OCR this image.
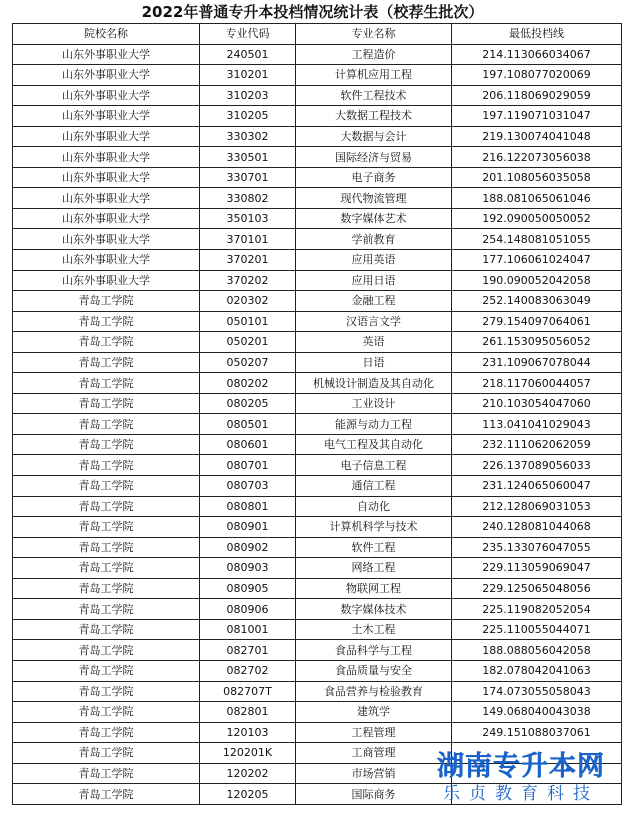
2022年普通专升本投档情况统计表（校荐生批次）
院校名称	专业代码	专业名称	最低投档线
山东外事职业大学	240501	工程造价	214.113066034067
山东外事职业大学	310201	计算机应用工程	197.108077020069
山东外事职业大学	310203	软件工程技术	206.118069029059
山东外事职业大学	310205	大数据工程技术	197.119071031047
山东外事职业大学	330302	大数据与会计	219.130074041048
山东外事职业大学	330501	国际经济与贸易	216.122073056038
山东外事职业大学	330701	电子商务	201.108056035058
山东外事职业大学	330802	现代物流管理	188.081065061046
山东外事职业大学	350103	数字媒体艺术	192.090050050052
山东外事职业大学	370101	学前教育	254.148081051055
山东外事职业大学	370201	应用英语	177.106061024047
山东外事职业大学	370202	应用日语	190.090052042058
青岛工学院	020302	金融工程	252.140083063049
青岛工学院	050101	汉语言文学	279.154097064061
青岛工学院	050201	英语	261.153095056052
青岛工学院	050207	日语	231.109067078044
青岛工学院	080202	机械设计制造及其自动化	218.117060044057
青岛工学院	080205	工业设计	210.103054047060
青岛工学院	080501	能源与动力工程	113.041041029043
青岛工学院	080601	电气工程及其自动化	232.111062062059
青岛工学院	080701	电子信息工程	226.137089056033
青岛工学院	080703	通信工程	231.124065060047
青岛工学院	080801	自动化	212.128069031053
青岛工学院	080901	计算机科学与技术	240.128081044068
青岛工学院	080902	软件工程	235.133076047055
青岛工学院	080903	网络工程	229.113059069047
青岛工学院	080905	物联网工程	229.125065048056
青岛工学院	080906	数字媒体技术	225.119082052054
青岛工学院	081001	土木工程	225.110055044071
青岛工学院	082701	食品科学与工程	188.088056042058
青岛工学院	082702	食品质量与安全	182.078042041063
青岛工学院	082707T	食品营养与检验教育	174.073055058043
青岛工学院	082801	建筑学	149.068040043038
青岛工学院	120103	工程管理	249.151088037061
青岛工学院	120201K	工商管理	
青岛工学院	120202	市场营销	
青岛工学院	120205	国际商务	
湖南专升本网
乐贞教育科技
